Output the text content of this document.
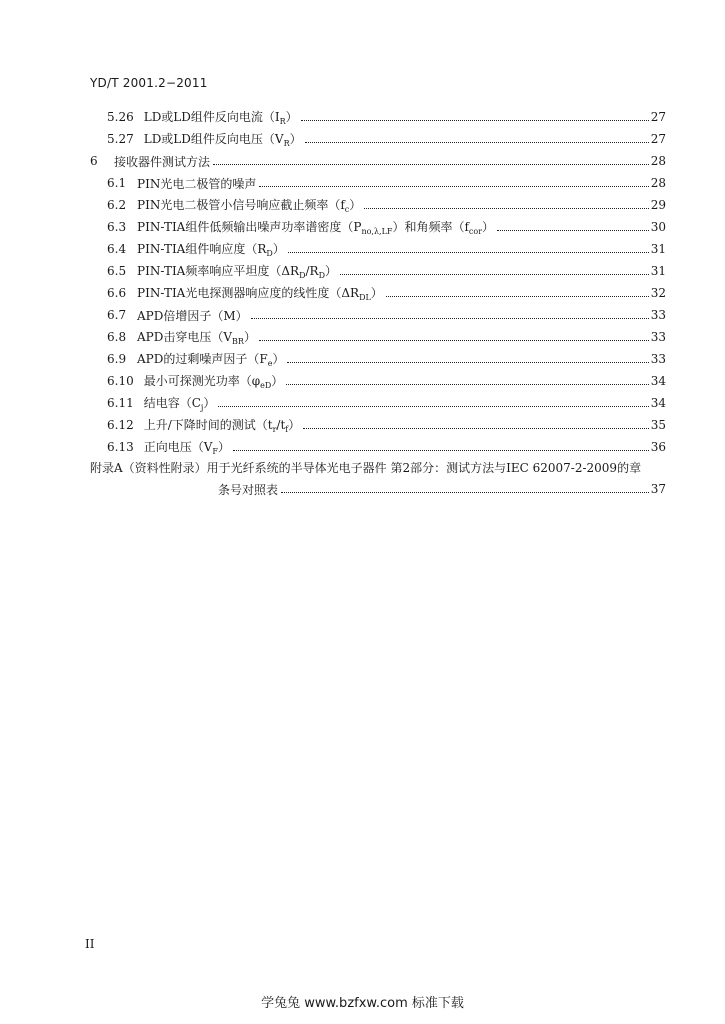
YD/T 2001.2−2011
5.26 LD或LD组件反向电流$(I_R)$	27
5.27 LD或LD组件反向电压$(V_R)$	27
6	接收器件测试方法	28
6.1 PIN光电二极管的噪声	28
6.2 PIN光电二极管小信号响应截止频率$(f_c)$	29
6.3 PIN-TIA组件低频输出噪声功率谱密度$(P_{no,\lambda,LF})$和角频率$(f_{cor})$	30
6.4 PIN-TIA组件响应度$(R_D)$	31
6.5 PIN-TIA频率响应平坦度$(\Delta R_D/R_D)$	31
6.6 PIN-TIA光电探测器响应度的线性度$(\Delta R_{DL})$	32
6.7 APD倍增因子（M）	33
6.8 APD击穿电压$(V_{BR})$	33
6.9 APD的过剩噪声因子$(F_e)$	33
6.10 最小可探测光功率$(\varphi_{eD})$	34
6.11 结电容$(C_j)$	34
6.12 上升/下降时间的测试$(t_r/t_f)$	35
6.13 正向电压$(V_F)$	36
附录A（资料性附录）用于光纤系统的半导体光电子器件 第2部分：测试方法与IEC 62007-2-2009的章
条号对照表	37
II
学兔兔 www.bzfxw.com 标准下载
